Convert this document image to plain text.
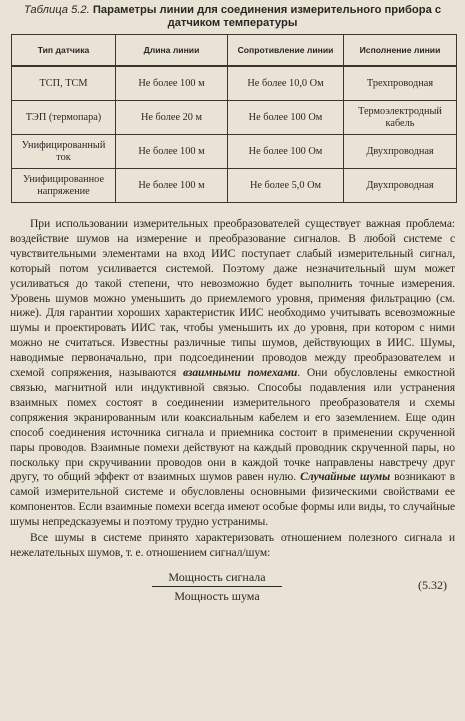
Таблица 5.2. Параметры линии для соединения измерительного прибора с датчиком температуры
Тип датчика	Длина линии	Сопротивление линии	Исполнение линии
ТСП, ТСМ	Не более 100 м	Не более 10,0 Ом	Трехпроводная
ТЭП (термопара)	Не более 20 м	Не более 100 Ом	Термоэлектродный кабель
Унифицированный ток	Не более 100 м	Не более 100 Ом	Двухпроводная
Унифицированное напряжение	Не более 100 м	Не более 5,0 Ом	Двухпроводная

При использовании измерительных преобразователей существует важная проблема: воздействие шумов на измерение и преобразование сигналов. В любой системе с чувствительными элементами на вход ИИС поступает слабый измерительный сигнал, который потом усиливается системой. Поэтому даже незначительный шум может усиливаться до такой степени, что невозможно будет выполнить точные измерения. Уровень шумов можно уменьшить до приемлемого уровня, применяя фильтрацию (см. ниже). Для гарантии хороших характеристик ИИС необходимо учитывать всевозможные шумы и проектировать ИИС так, чтобы уменьшить их до уровня, при котором с ними можно не считаться. Известны различные типы шумов, действующих в ИИС. Шумы, наводимые первоначально, при подсоединении проводов между преобразователем и схемой сопряжения, называются взаимными помехами. Они обусловлены емкостной связью, магнитной или индуктивной связью. Способы подавления или устранения взаимных помех состоят в соединении измерительного преобразователя и схемы сопряжения экранированным или коаксиальным кабелем и его заземлением. Еще один способ соединения источника сигнала и приемника состоит в применении скрученной пары проводов. Взаимные помехи действуют на каждый проводник скрученной пары, но поскольку при скручивании проводов они в каждой точке направлены навстречу друг другу, то общий эффект от взаимных шумов равен нулю. Случайные шумы возникают в самой измерительной системе и обусловлены основными физическими свойствами ее компонентов. Если взаимные помехи всегда имеют особые формы или виды, то случайные шумы непредсказуемы и поэтому трудно устранимы.

Все шумы в системе принято характеризовать отношением полезного сигнала и нежелательных шумов, т. е. отношением сигнал/шум:

Мощность сигнала
Мощность шума
(5.32)
